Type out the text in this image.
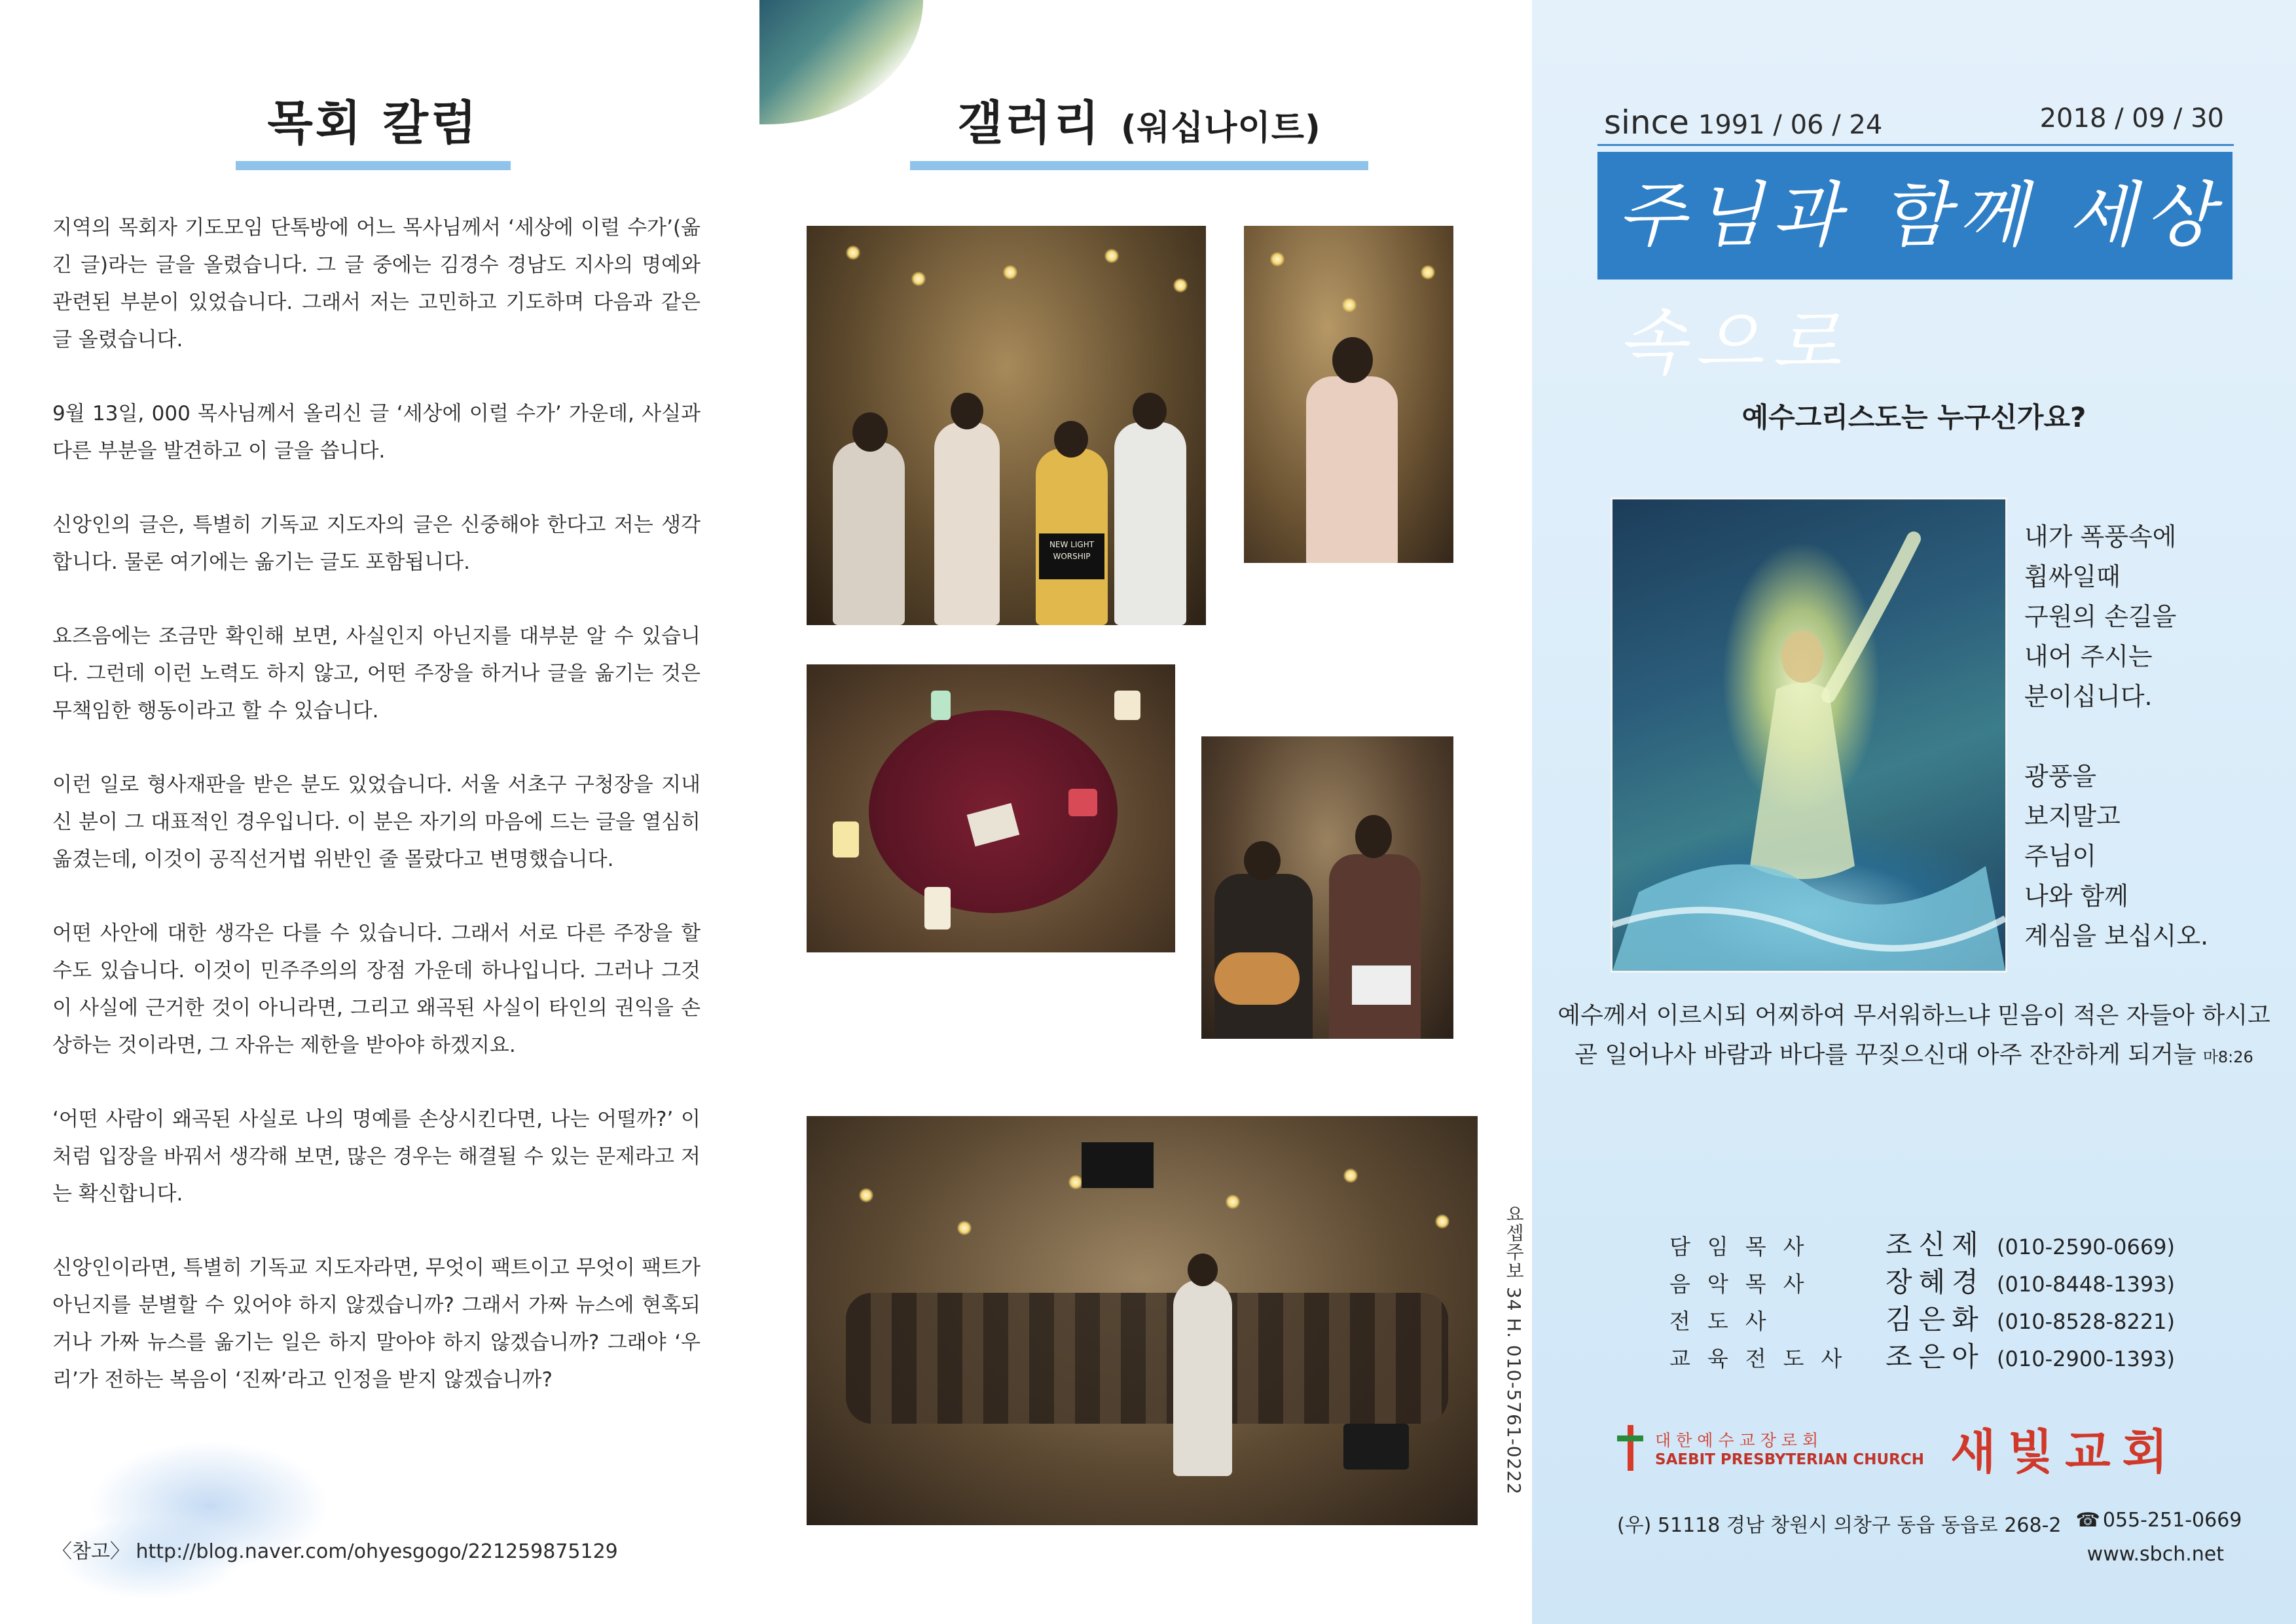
목회 칼럼

지역의 목회자 기도모임 단톡방에 어느 목사님께서 ‘세상에 이럴 수가’(옮긴 글)라는 글을 올렸습니다. 그 글 중에는 김경수 경남도 지사의 명예와 관련된 부분이 있었습니다. 그래서 저는 고민하고 기도하며 다음과 같은 글 올렸습니다.

9월 13일, 000 목사님께서 올리신 글 ‘세상에 이럴 수가’ 가운데, 사실과 다른 부분을 발견하고 이 글을 씁니다.

신앙인의 글은, 특별히 기독교 지도자의 글은 신중해야 한다고 저는 생각합니다. 물론 여기에는 옮기는 글도 포함됩니다.

요즈음에는 조금만 확인해 보면, 사실인지 아닌지를 대부분 알 수 있습니다. 그런데 이런 노력도 하지 않고, 어떤 주장을 하거나 글을 옮기는 것은 무책임한 행동이라고 할 수 있습니다.

이런 일로 형사재판을 받은 분도 있었습니다. 서울 서초구 구청장을 지내신 분이 그 대표적인 경우입니다. 이 분은 자기의 마음에 드는 글을 열심히 옮겼는데, 이것이 공직선거법 위반인 줄 몰랐다고 변명했습니다.

어떤 사안에 대한 생각은 다를 수 있습니다. 그래서 서로 다른 주장을 할 수도 있습니다. 이것이 민주주의의 장점 가운데 하나입니다. 그러나 그것이 사실에 근거한 것이 아니라면, 그리고 왜곡된 사실이 타인의 권익을 손상하는 것이라면, 그 자유는 제한을 받아야 하겠지요.

‘어떤 사람이 왜곡된 사실로 나의 명예를 손상시킨다면, 나는 어떨까?’ 이처럼 입장을 바꿔서 생각해 보면, 많은 경우는 해결될 수 있는 문제라고 저는 확신합니다.

신앙인이라면, 특별히 기독교 지도자라면, 무엇이 팩트이고 무엇이 팩트가 아닌지를 분별할 수 있어야 하지 않겠습니까? 그래서 가짜 뉴스에 현혹되거나 가짜 뉴스를 옮기는 일은 하지 말아야 하지 않겠습니까? 그래야 ‘우리’가 전하는 복음이 ‘진짜’라고 인정을 받지 않겠습니까?

〈참고〉 http://blog.naver.com/ohyesgogo/221259875129
갤러리 (워십나이트)
NEW LIGHT WORSHIP
요셉주보 34 H. 010-5761-0222
since 1991 / 06 / 24	2018 / 09 / 30
주님과 함께 세상 속으로
예수그리스도는 누구신가요?
내가 폭풍속에
휩싸일때
구원의 손길을
내어 주시는
분이십니다.
광풍을
보지말고
주님이
나와 함께
계심을 보십시오.
예수께서 이르시되 어찌하여 무서워하느냐 믿음이 적은 자들아 하시고
곧 일어나사 바람과 바다를 꾸짖으신대 아주 잔잔하게 되거늘 마8:26
담임목사	조신제 (010-2590-0669)
음악목사	장혜경 (010-8448-1393)
전도사	김은화 (010-8528-8221)
교육전도사 조은아 (010-2900-1393)
대한예수교장로회
SAEBIT PRESBYTERIAN CHURCH 새빛교회
(우) 51118 경남 창원시 의창구 동읍 동읍로 268-2 ☎ 055-251-0669
www.sbch.net
